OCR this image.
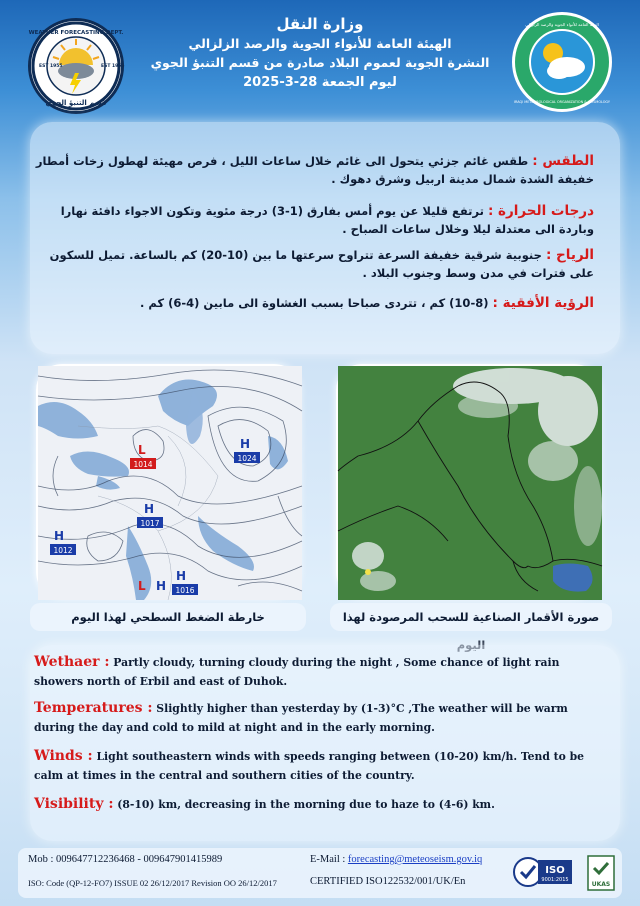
WEATHER FORECASTING DEPT.
قسم التنبؤ الجوي
EST 1955	EST 1955
وزارة النقل
الهيئة العامة للأنواء الجوية والرصد الزلزالي
النشرة الجوية لعموم البلاد صادرة من قسم التنبؤ الجوي
ليوم الجمعة 28-3-2025
الهيئة العامة للأنواء الجوية والرصد الزلزالي
IRAQI METEOROLOGICAL ORGANIZATION & SEISMOLOGY
الطقس : طقس غائم جزئي يتحول الى غائم خلال ساعات الليل ، فرص مهيئة لهطول زخات أمطار خفيفة الشدة شمال مدينة اربيل وشرق دهوك .
درجات الحرارة : ترتفع قليلا عن يوم أمس بفارق (1-3) درجة مئوية وتكون الاجواء دافئة نهارا وباردة الى معتدلة ليلا وخلال ساعات الصباح .
الرياح : جنوبية شرقية خفيفة السرعة تتراوح سرعتها ما بين (10-20) كم بالساعة. تميل للسكون على فترات في مدن وسط وجنوب البلاد .
الرؤية الأفقية : (8-10) كم ، تتردى صباحا بسبب الغشاوة الى مابين (4-6) كم .
L
1014
H
1024
H
1017
H
1012
L H
H
1016
خارطة الضغط السطحي لهذا اليوم	صورة الأقمار الصناعية للسحب المرصودة لهذا
Wethaer : Partly cloudy, turning cloudy during the night , Some chance of light rain showers north of Erbil and east of Duhok.
Temperatures : Slightly higher than yesterday by (1-3)°C ,The weather will be warm during the day and cold to mild at night and in the early morning.
Winds : Light southeastern winds with speeds ranging between (10-20) km/h. Tend to be calm at times in the central and southern cities of the country.
Visibility : (8-10) km, decreasing in the morning due to haze to (4-6) km.
Mob : 009647712236468 - 009647901415989	E-Mail : forecasting@meteoseism.gov.iq
ISO: Code (QP-12-FO7) ISSUE 02 26/12/2017 Revision OO 26/12/2017	CERTIFIED ISO122532/001/UK/En
ISO
9001:2015
UKAS
